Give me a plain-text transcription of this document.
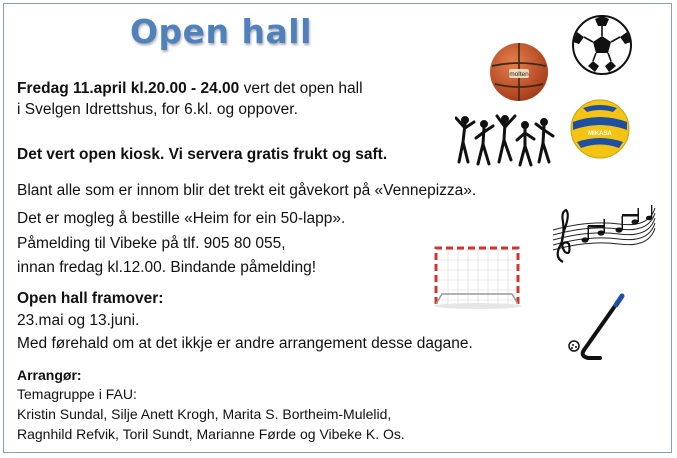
Open hall
Fredag 11.april kl.20.00 - 24.00 vert det open hall
i Svelgen Idrettshus, for 6.kl. og oppover.
Det vert open kiosk. Vi servera gratis frukt og saft.
Blant alle som er innom blir det trekt eit gåvekort på «Vennepizza».
Det er mogleg å bestille «Heim for ein 50-lapp».
Påmelding til Vibeke på tlf. 905 80 055,
innan fredag kl.12.00. Bindande påmelding!
Open hall framover:
23.mai og 13.juni.
Med førehald om at det ikkje er andre arrangement desse dagane.
Arrangør:
Temagruppe i FAU:
Kristin Sundal, Silje Anett Krogh, Marita S. Bortheim-Mulelid,
Ragnhild Refvik, Toril Sundt, Marianne Førde og Vibeke K. Os.
molten
MIKASA
